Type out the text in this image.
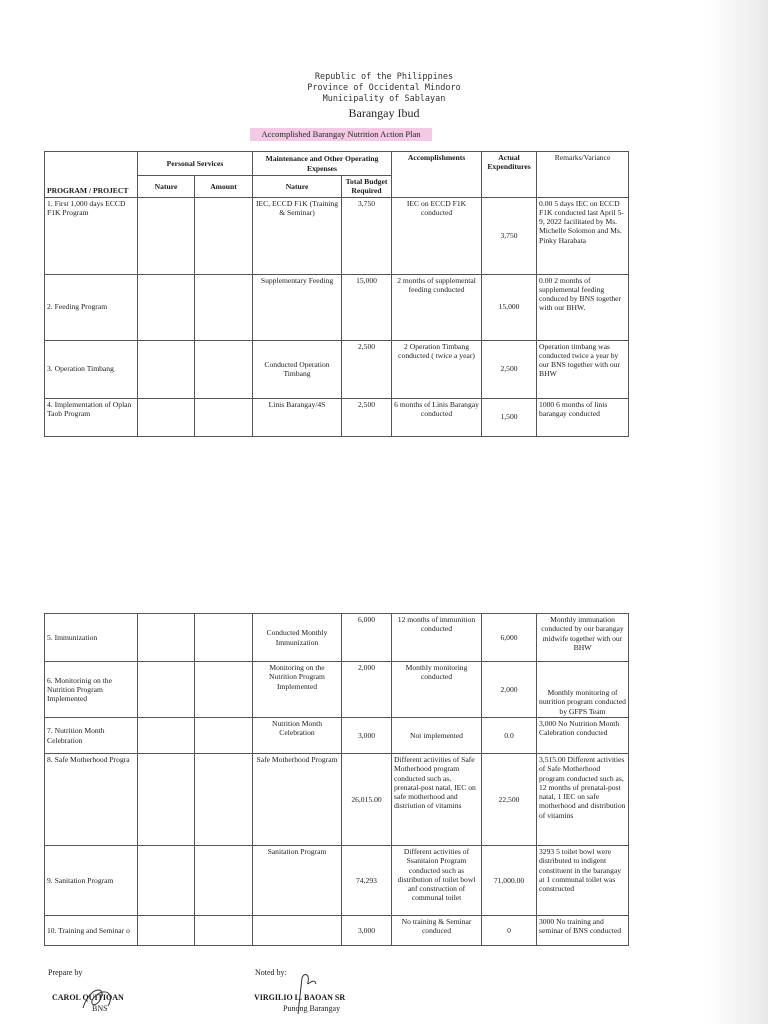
Republic of the Philippines
Province of Occidental Mindoro
Municipality of Sablayan
Barangay Ibud
Accomplished Barangay Nutrition Action Plan
PROGRAM / PROJECT	Personal Services		Maintenance and Other Operating Expenses		Accomplishments	Actual Expenditures	Remarks/Variance
	Nature	Amount	Nature	Total Budget Required			
1. First 1,000 days ECCD F1K Program			IEC, ECCD F1K (Training & Seminar)	3,750	IEC on ECCD F1K conducted	3,750	0.00 5 days IEC on ECCD F1K conducted last April 5-9, 2022 facilitated by Ms. Michelle Solomon and Ms. Pinky Harabata
2. Feeding Program			Supplementary Feeding	15,000	2 months of supplemental feeding conducted	15,000	0.00 2 months of supplemental feeding conduced by BNS together with our BHW.
3. Operation Timbang			Conducted Operation Timbang	2,500	2 Operation Timbang conducted ( twice a year)	2,500	Operation timbang was conducted twice a year by our BNS together with our BHW
4. Implementation of Oplan Taob Program			Linis Barangay/4S	2,500	6 months of Linis Barangay conducted	1,500	1000 6 months of linis barangay conducted
5. Immunization			Conducted Monthly Immunization	6,000	12 months of immunition conducted	6,000	Monthly immunation conducted by our barangay midwife together with our BHW
6. Monitorinig on the Nutrition Program Implemented			Monitoring on the Nutrition Program Implemented	2,000	Monthly monitoring conducted	2,000	Monthly monitoring of nutrition program conducted by GFPS Team
7. Nutrition Month Celebration			Nutrition Month Celebration	3,000	Not implemented	0.0	3,000 No Nutrition Month Calebration conducted
8. Safe Motherhood Progra			Safe Motherhood Program	26,015.00	Different activities of Safe Motherhood program conducted such as, prenatal-post natal, IEC on safe motherhood and distriution of vitamins	22,500	3,515.00 Different activities of Safe Motherhood program conducted such as, 12 months of prenatal-post natal, 1 IEC on safe motherhood and distribution of vitamins
9. Sanitation Program			Sanitation Program	74,293	Different activities of Ssanitaion Program conducted such as distribution of toilet bowl anf construction of communal toilet	71,000.00	3293 5 toilet bowl were distributed to indigent constituent in the barangay at 1 communal toilet was constructed
10. Training and Seminar o				3,000	No training & Seminar conduced	0	3000 No training and seminar of BNS conducted
Prepare by
CAROL QUITIOAN
BNS
Noted by:
VIRGILIO L. BAOAN SR
Punong Barangay
